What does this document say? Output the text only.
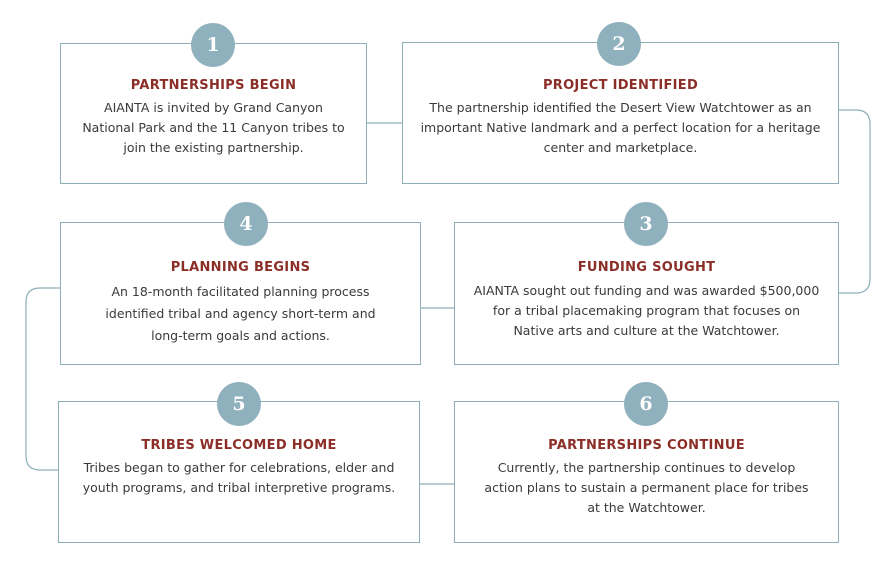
PARTNERSHIPS BEGIN
AIANTA is invited by Grand Canyon National Park and the 11 Canyon tribes to join the existing partnership.
1
PROJECT IDENTIFIED
The partnership identified the Desert View Watchtower as an important Native landmark and a perfect location for a heritage center and marketplace.
2
PLANNING BEGINS
An 18-month facilitated planning process identified tribal and agency short-term and long-term goals and actions.
4
FUNDING SOUGHT
AIANTA sought out funding and was awarded $500,000 for a tribal placemaking program that focuses on Native arts and culture at the Watchtower.
3
TRIBES WELCOMED HOME
Tribes began to gather for celebrations, elder and youth programs, and tribal interpretive programs.
5
PARTNERSHIPS CONTINUE
Currently, the partnership continues to develop action plans to sustain a permanent place for tribes at the Watchtower.
6
